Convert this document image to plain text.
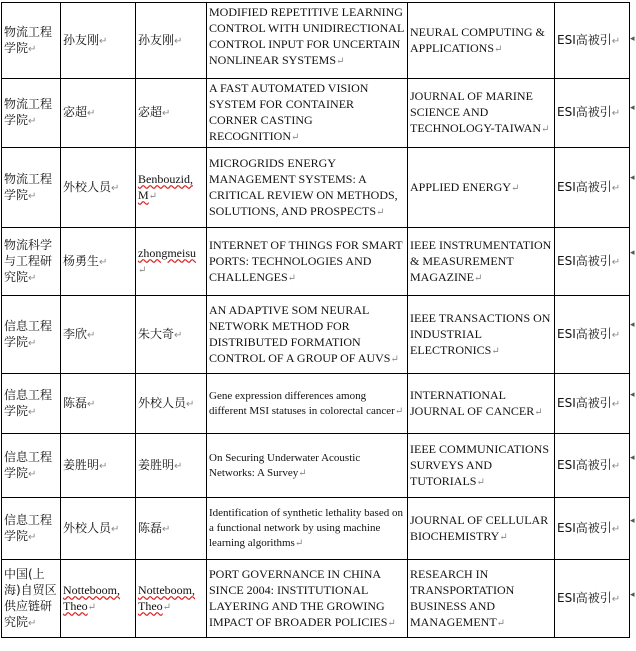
物流工程学院↵	孙友刚↵	孙友刚↵	MODIFIED REPETITIVE LEARNING CONTROL WITH UNIDIRECTIONAL CONTROL INPUT FOR UNCERTAIN NONLINEAR SYSTEMS↵	NEURAL COMPUTING & APPLICATIONS↵	ESI高被引↵
物流工程学院↵	宓超↵	宓超↵	A FAST AUTOMATED VISION SYSTEM FOR CONTAINER CORNER CASTING RECOGNITION↵	JOURNAL OF MARINE SCIENCE AND TECHNOLOGY-TAIWAN↵	ESI高被引↵
物流工程学院↵	外校人员↵	Benbouzid, M↵	MICROGRIDS ENERGY MANAGEMENT SYSTEMS: A CRITICAL REVIEW ON METHODS, SOLUTIONS, AND PROSPECTS↵	APPLIED ENERGY↵	ESI高被引↵
物流科学与工程研究院↵	杨勇生↵	zhongmeisu↵	INTERNET OF THINGS FOR SMART PORTS: TECHNOLOGIES AND CHALLENGES↵	IEEE INSTRUMENTATION & MEASUREMENT MAGAZINE↵	ESI高被引↵
信息工程学院↵	李欣↵	朱大奇↵	AN ADAPTIVE SOM NEURAL NETWORK METHOD FOR DISTRIBUTED FORMATION CONTROL OF A GROUP OF AUVS↵	IEEE TRANSACTIONS ON INDUSTRIAL ELECTRONICS↵	ESI高被引↵
信息工程学院↵	陈磊↵	外校人员↵	Gene expression differences among different MSI statuses in colorectal cancer↵	INTERNATIONAL JOURNAL OF CANCER↵	ESI高被引↵
信息工程学院↵	姜胜明↵	姜胜明↵	On Securing Underwater Acoustic Networks: A Survey↵	IEEE COMMUNICATIONS SURVEYS AND TUTORIALS↵	ESI高被引↵
信息工程学院↵	外校人员↵	陈磊↵	Identification of synthetic lethality based on a functional network by using machine learning algorithms↵	JOURNAL OF CELLULAR BIOCHEMISTRY↵	ESI高被引↵
中国(上海)自贸区供应链研究院↵	Notteboom, Theo↵	Notteboom, Theo↵	PORT GOVERNANCE IN CHINA SINCE 2004: INSTITUTIONAL LAYERING AND THE GROWING IMPACT OF BROADER POLICIES↵	RESEARCH IN TRANSPORTATION BUSINESS AND MANAGEMENT↵	ESI高被引↵
◂
◂
◂
◂
◂
◂
◂
◂
◂
